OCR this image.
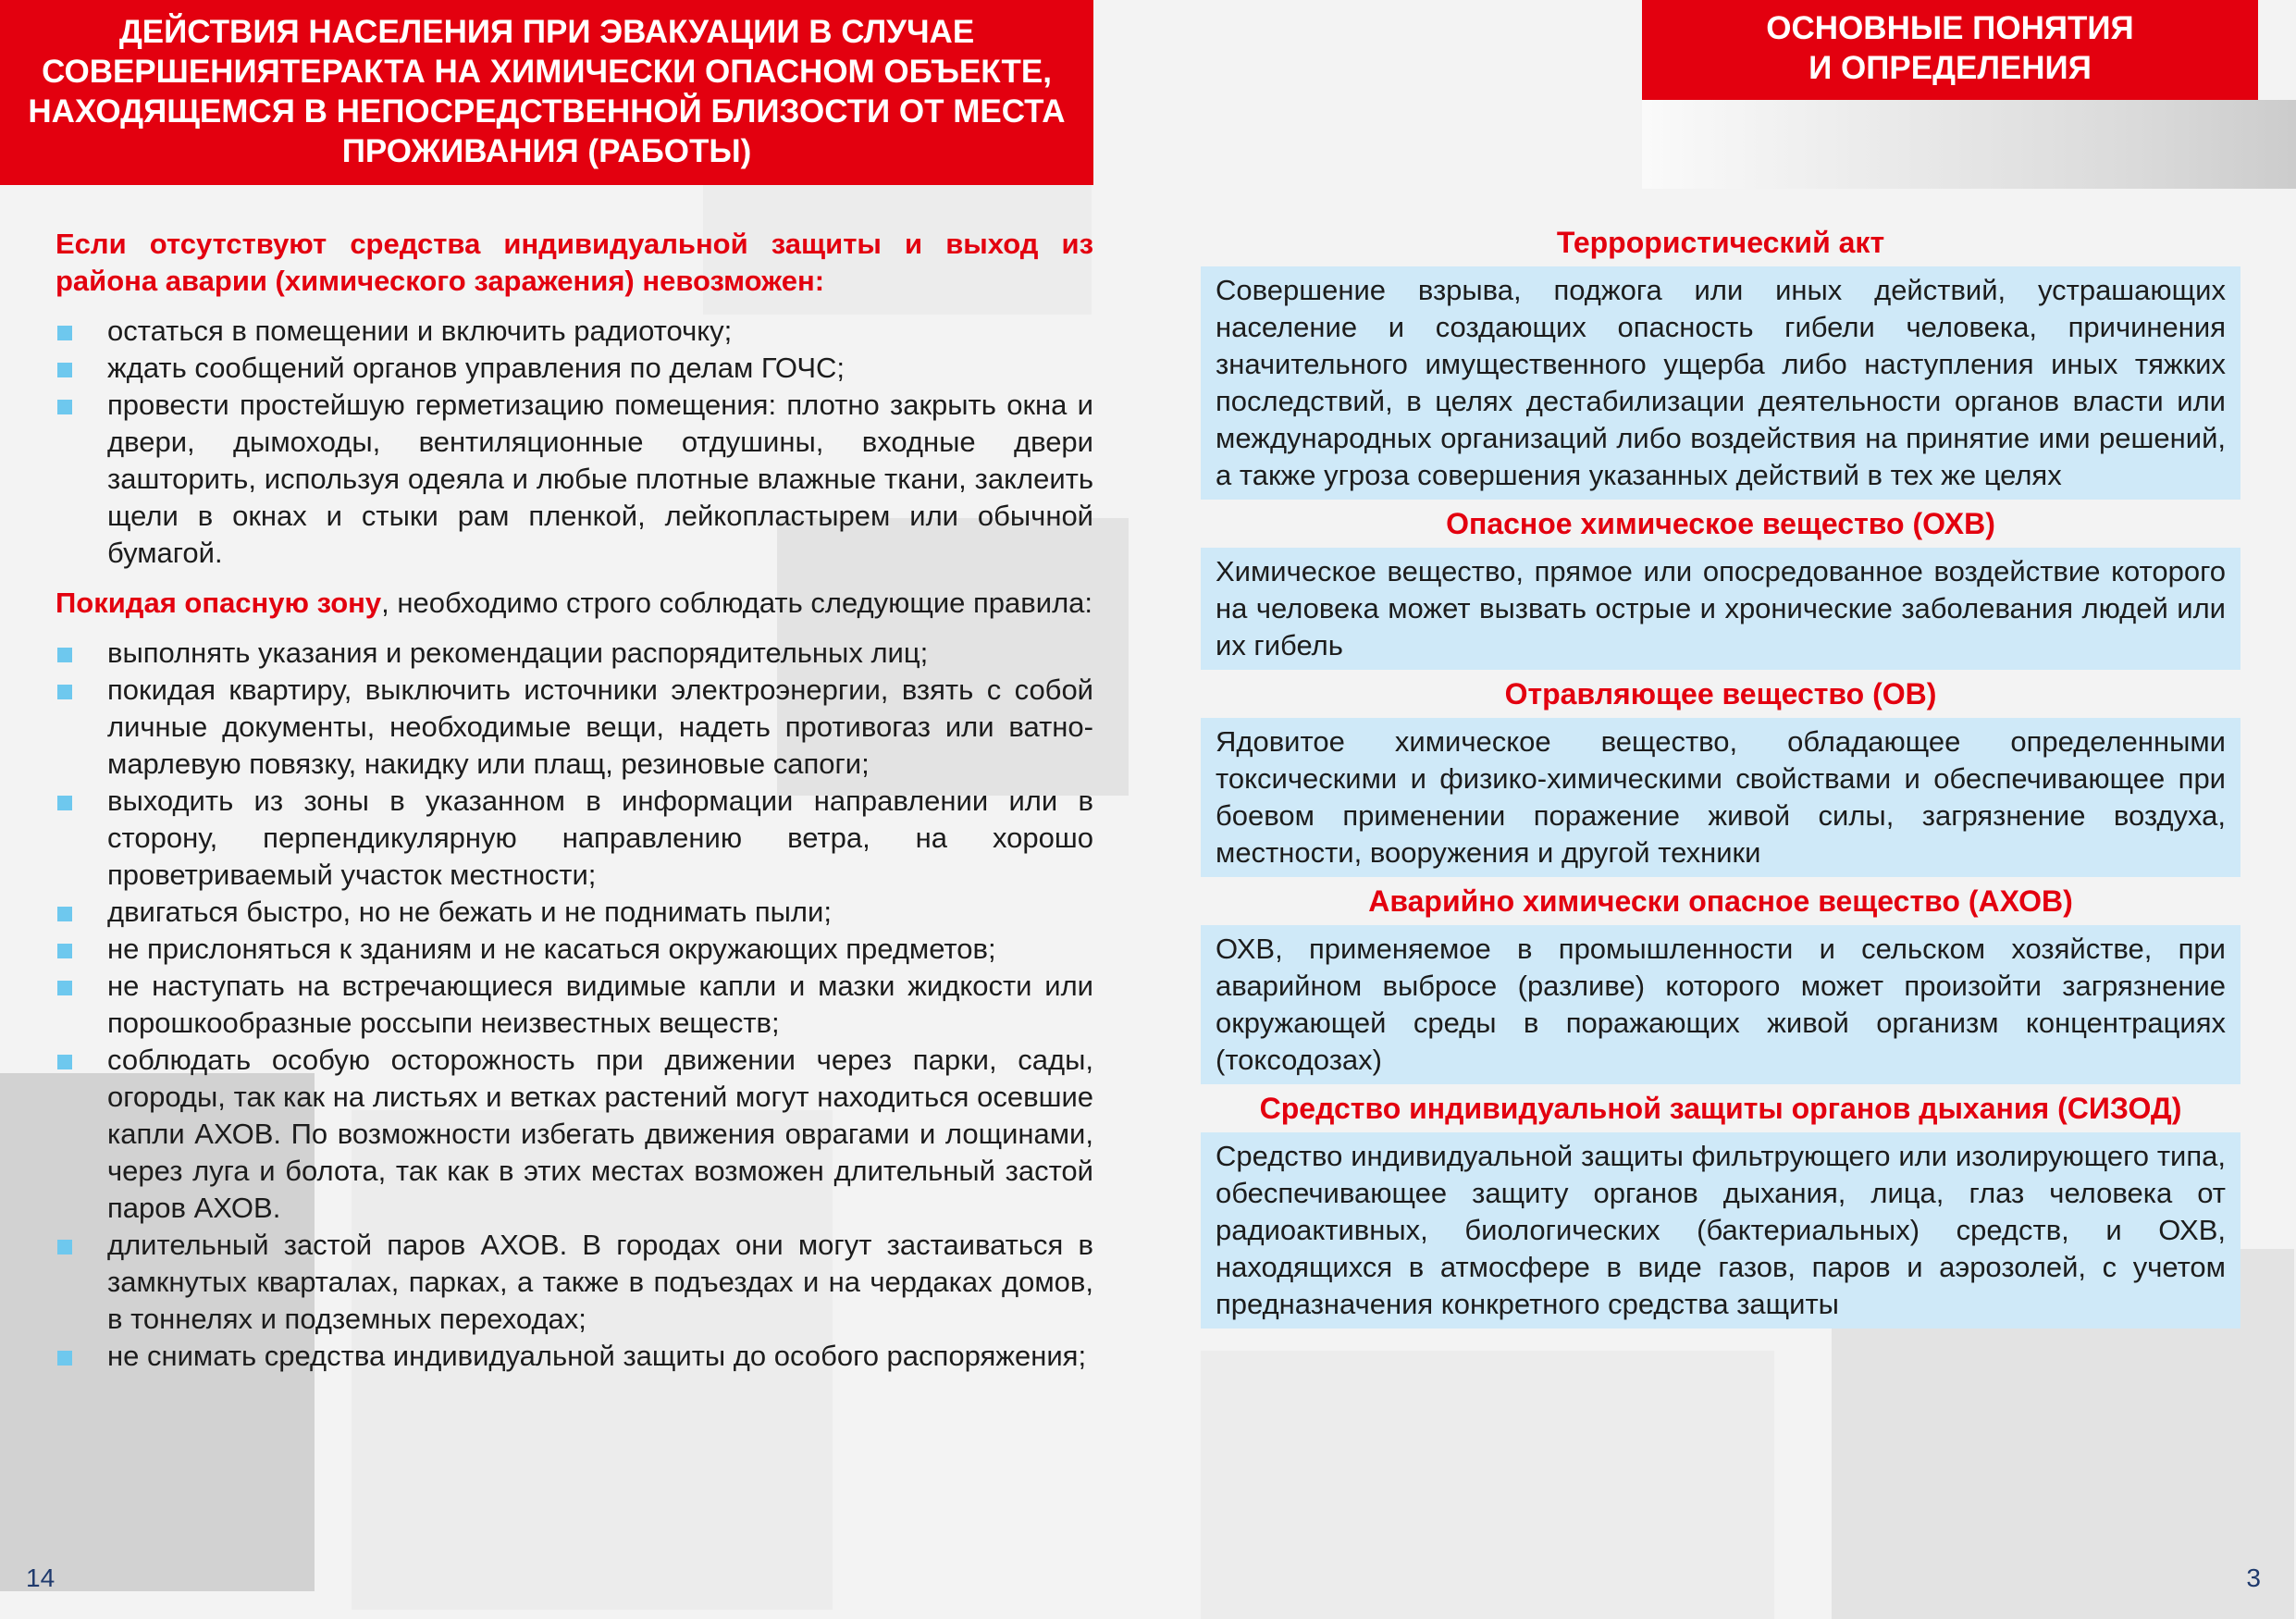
ДЕЙСТВИЯ НАСЕЛЕНИЯ ПРИ ЭВАКУАЦИИ В СЛУЧАЕ СОВЕРШЕНИЯТЕРАКТА НА ХИМИЧЕСКИ ОПАСНОМ ОБЪЕКТЕ, НАХОДЯЩЕМСЯ В НЕПОСРЕДСТВЕННОЙ БЛИЗОСТИ ОТ МЕСТА ПРОЖИВАНИЯ (РАБОТЫ)

Если отсутствуют средства индивидуальной защиты и выход из района аварии (химического заражения) невозможен:

остаться в помещении и включить радиоточку;
ждать сообщений органов управления по делам ГОЧС;
провести простейшую герметизацию помещения: плотно закрыть окна и двери, дымоходы, вентиляционные отдушины, входные двери зашторить, используя одеяла и любые плотные влажные ткани, заклеить щели в окнах и стыки рам пленкой, лейкопластырем или обычной бумагой.

Покидая опасную зону, необходимо строго соблюдать следующие правила:

выполнять указания и рекомендации распорядительных лиц;
покидая квартиру, выключить источники электроэнергии, взять с собой личные документы, необходимые вещи, надеть противогаз или ватно-марлевую повязку, накидку или плащ, резиновые сапоги;
выходить из зоны в указанном в информации направлении или в сторону, перпендикулярную направлению ветра, на хорошо проветриваемый участок местности;
двигаться быстро, но не бежать и не поднимать пыли;
не прислоняться к зданиям и не касаться окружающих предметов;
не наступать на встречающиеся видимые капли и мазки жидкости или порошкообразные россыпи неизвестных веществ;
соблюдать особую осторожность при движении через парки, сады, огороды, так как на листьях и ветках растений могут находиться осевшие капли АХОВ. По возможности избегать движения оврагами и лощинами, через луга и болота, так как в этих местах возможен длительный застой паров АХОВ.
длительный застой паров АХОВ. В городах они могут застаиваться в замкнутых кварталах, парках, а также в подъездах и на чердаках домов, в тоннелях и подземных переходах;
не снимать средства индивидуальной защиты до особого распоряжения;
14
ОСНОВНЫЕ ПОНЯТИЯ
И ОПРЕДЕЛЕНИЯ
3

Террористический акт

Совершение взрыва, поджога или иных действий, устрашающих население и создающих опасность гибели человека, причинения значительного имущественного ущерба либо наступления иных тяжких последствий, в целях дестабилизации деятельности органов власти или международных организаций либо воздействия на принятие ими решений, а также угроза совершения указанных действий в тех же целях

Опасное химическое вещество (ОХВ)

Химическое вещество, прямое или опосредованное воздействие которого на человека может вызвать острые и хронические заболевания людей или их гибель

Отравляющее вещество (ОВ)

Ядовитое химическое вещество, обладающее определенными токсическими и физико-химическими свойствами и обеспечивающее при боевом применении поражение живой силы, загрязнение воздуха, местности, вооружения и другой техники

Аварийно химически опасное вещество (АХОВ)

ОХВ, применяемое в промышленности и сельском хозяйстве, при аварийном выбросе (разливе) которого может произойти загрязнение окружающей среды в поражающих живой организм концентрациях (токсодозах)

Средство индивидуальной защиты органов дыхания (СИЗОД)

Средство индивидуальной защиты фильтрующего или изолирующего типа, обеспечивающее защиту органов дыхания, лица, глаз человека от радиоактивных, биологических (бактериальных) средств, и ОХВ, находящихся в атмосфере в виде газов, паров и аэрозолей, с учетом предназначения конкретного средства защиты
